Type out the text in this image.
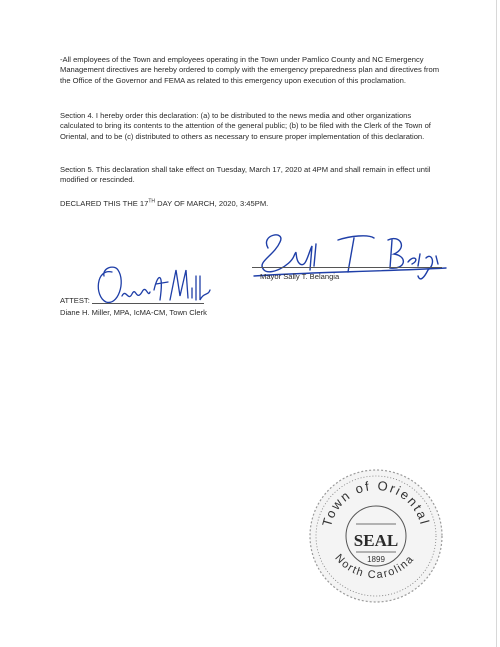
-All employees of the Town and employees operating in the Town under Pamlico County and NC Emergency Management directives are hereby ordered to comply with the emergency preparedness plan and directives from the Office of the Governor and FEMA as related to this emergency upon execution of this proclamation.

Section 4. I hereby order this declaration: (a) to be distributed to the news media and other organizations calculated to bring its contents to the attention of the general public; (b) to be filed with the Clerk of the Town of Oriental, and to be (c) distributed to others as necessary to ensure proper implementation of this declaration.

Section 5. This declaration shall take effect on Tuesday, March 17, 2020 at 4PM and shall remain in effect until modified or rescinded.

DECLARED THIS THE 17TH DAY OF MARCH, 2020, 3:45PM.

Mayor Sally T. Belangia
ATTEST:
Diane H. Miller, MPA, IcMA-CM, Town Clerk
Town of Oriental
North Carolina
SEAL
1899
